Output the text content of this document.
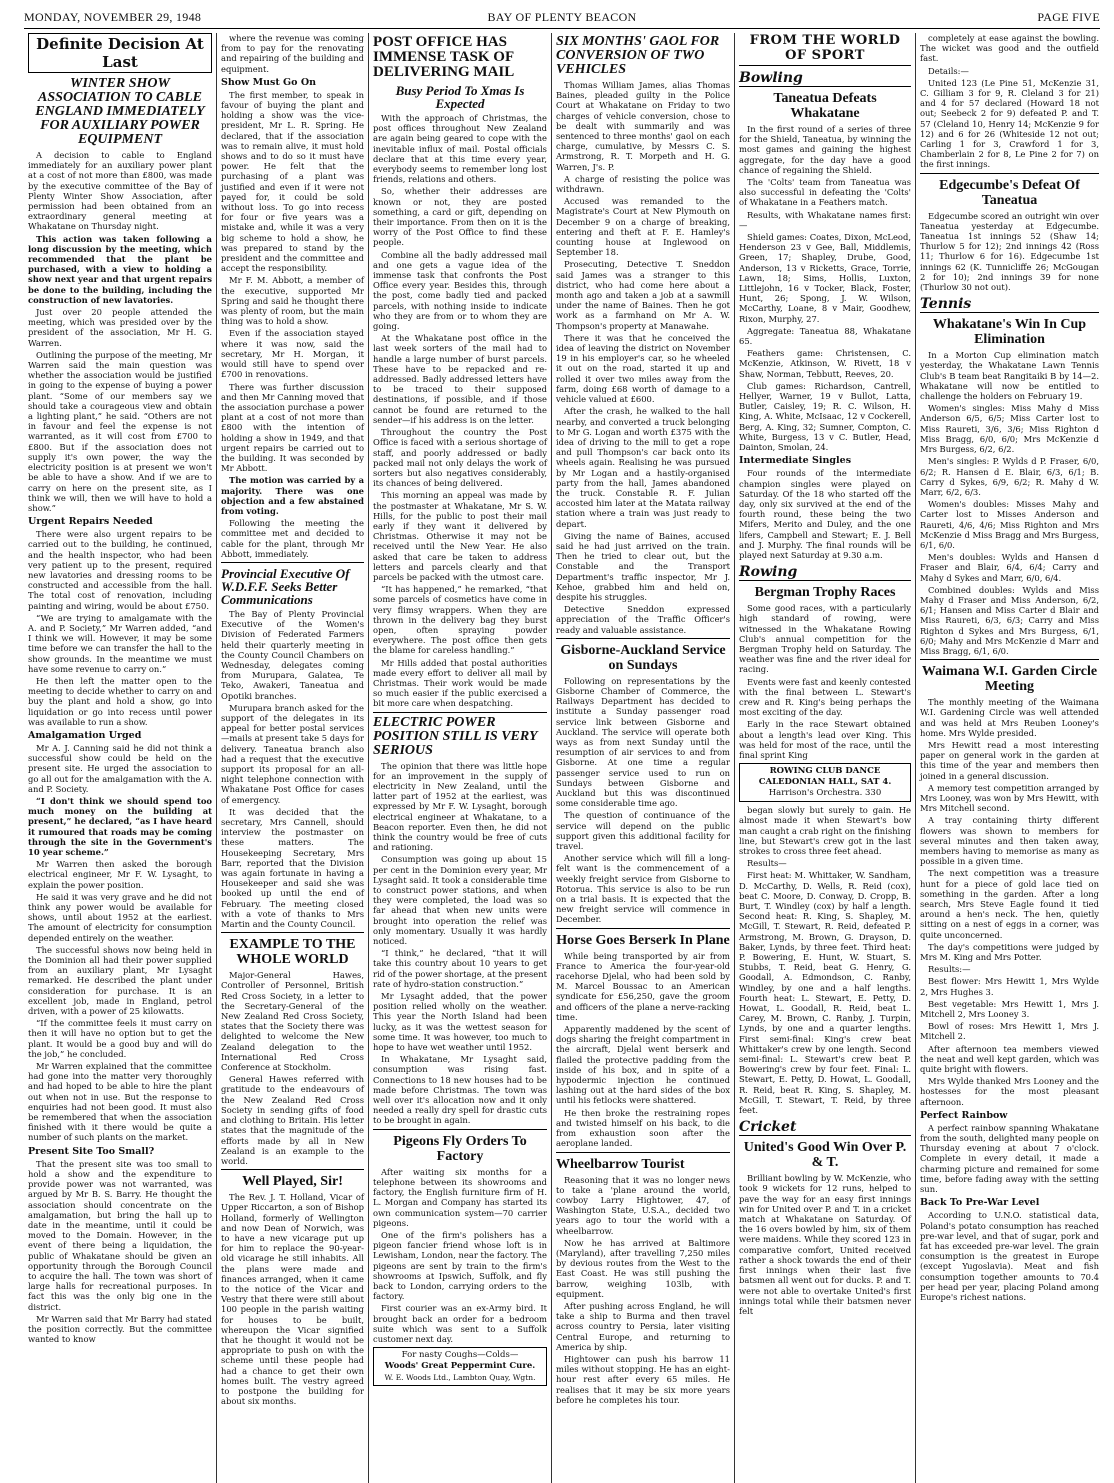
MONDAY, NOVEMBER 29, 1948	BAY OF PLENTY BEACON	PAGE FIVE
Definite Decision At Last
WINTER SHOW ASSOCIATION TO CABLE ENGLAND IMMEDIATELY FOR AUXILIARY POWER EQUIPMENT

A decision to cable to England immediately for an auxiliary power plant at a cost of not more than £800, was made by the executive committee of the Bay of Plenty Winter Show Association, after permission had been obtained from an extraordinary general meeting at Whakatane on Thursday night.

This action was taken following a long discussion by the meeting, which recommended that the plant be purchased, with a view to holding a show next year and that urgent repairs be done to the building, including the construction of new lavatories.

Just over 20 people attended the meeting, which was presided over by the president of the association, Mr H. G. Warren.

Outlining the purpose of the meeting, Mr Warren said the main question was whether the association would be justified in going to the expense of buying a power plant. “Some of our members say we should take a courageous view and obtain a lighting plant,” he said. “Others are not in favour and feel the expense is not warranted, as it will cost from £700 to £800. But if the association does not supply it's own power, the way the electricity position is at present we won't be able to have a show. And if we are to carry on here on the present site, as I think we will, then we will have to hold a show.”

Urgent Repairs Needed

There were also urgent repairs to be carried out to the building, he continued, and the health inspector, who had been very patient up to the present, required new lavatories and dressing rooms to be constructed and accessible from the hall. The total cost of renovation, including painting and wiring, would be about £750.

“We are trying to amalgamate with the A. and P. Society,” Mr Warren added, “and I think we will. However, it may be some time before we can transfer the hall to the show grounds. In the meantime we must have some revenue to carry on.”

He then left the matter open to the meeting to decide whether to carry on and buy the plant and hold a show, go into liquidation or go into recess until power was available to run a show.

Amalgamation Urged

Mr A. J. Canning said he did not think a successful show could be held on the present site. He urged the association to go all out for the amalgamation with the A. and P. Society.

“I don't think we should spend too much money on the building at present,” he declared, “as I have heard it rumoured that roads may be coming through the site in the Government's 10 year scheme.”

Mr Warren then asked the borough electrical engineer, Mr F. W. Lysaght, to explain the power position.

He said it was very grave and he did not think any power would be available for shows, until about 1952 at the earliest. The amount of electricity for consumption depended entirely on the weather.

The successful shows now being held in the Dominion all had their power supplied from an auxiliary plant, Mr Lysaght remarked. He described the plant under consideration for purchase. It is an excellent job, made in England, petrol driven, with a power of 25 kilowatts.

“If the committee feels it must carry on then it will have no option but to get the plant. It would be a good buy and will do the job,” he concluded.

Mr Warren explained that the committee had gone into the matter very thoroughly and had hoped to be able to hire the plant out when not in use. But the response to enquiries had not been good. It must also be remembered that when the association finished with it there would be quite a number of such plants on the market.

Present Site Too Small?

That the present site was too small to hold a show and the expenditure to provide power was not warranted, was argued by Mr B. S. Barry. He thought the association should concentrate on the amalgamation, but bring the hall up to date in the meantime, until it could be moved to the Domain. However, in the event of there being a liquidation, the public of Whakatane should be given an opportunity through the Borough Council to acquire the hall. The town was short of large halls for recreational purposes. In fact this was the only big one in the district.

Mr Warren said that Mr Barry had stated the position correctly. But the committee wanted to know

where the revenue was coming from to pay for the renovating and repairing of the building and equipment.

Show Must Go On

The first member, to speak in favour of buying the plant and holding a show was the vice-president, Mr L. R. Spring. He declared, that if the association was to remain alive, it must hold shows and to do so it must have power. He felt that the purchasing of a plant was justified and even if it were not payed for, it could be sold without loss. To go into recess for four or five years was a mistake and, while it was a very big scheme to hold a show, he was prepared to stand by the president and the committee and accept the responsibility.

Mr F. M. Abbott, a member of the executive, supported Mr Spring and said he thought there was plenty of room, but the main thing was to hold a show.

Even if the association stayed where it was now, said the secretary, Mr H. Morgan, it would still have to spend over £700 in renovations.

There was further discussion and then Mr Canning moved that the association purchase a power plant at a cost of not more than £800 with the intention of holding a show in 1949, and that urgent repairs be carried out to the building. It was seconded by Mr Abbott.

The motion was carried by a majority. There was one objection and a few abstained from voting.

Following the meeting the committee met and decided to cable for the plant, through Mr Abbott, immediately.

Provincial Executive Of W.D.F.F. Seeks Better Communications

The Bay of Plenty Provincial Executive of the Women's Division of Federated Farmers held their quarterly meeting in the County Council Chambers on Wednesday, delegates coming from Murupara, Galatea, Te Teko, Awakeri, Taneatua and Opotiki branches.

Murupara branch asked for the support of the delegates in its appeal for better postal services—mails at present take 5 days for delivery. Taneatua branch also had a request that the executive support its proposal for an all-night telephone connection with Whakatane Post Office for cases of emergency.

It was decided that the secretary, Mrs Cannell, should interview the postmaster on these matters. The Housekeeping Secretary, Mrs Barr, reported that the Division was again fortunate in having a Housekeeper and said she was booked up until the end of February. The meeting closed with a vote of thanks to Mrs Martin and the County Council.

EXAMPLE TO THE WHOLE WORLD

Major-General Hawes, Controller of Personnel, British Red Cross Society, in a letter to the Secretary-General of the New Zealand Red Cross Society, states that the Society there was delighted to welcome the New Zealand delegation to the International Red Cross Conference at Stockholm.

General Hawes referred with gratitude to the endeavours of the New Zealand Red Cross Society in sending gifts of food and clothing to Britain. His letter states that the magnitude of the efforts made by all in New Zealand is an example to the world.

Well Played, Sir!

The Rev. J. T. Holland, Vicar of Upper Riccarton, a son of Bishop Holland, formerly of Wellington and now Dean of Norwich, was to have a new vicarage put up for him to replace the 90-year-old vicarage he still inhabits. All the plans were made and finances arranged, when it came to the notice of the Vicar and Vestry that there were still about 100 people in the parish waiting for houses to be built, whereupon the Vicar signified that he thought it would not be appropriate to push on with the scheme until these people had had a chance to get their own homes built. The vestry agreed to postpone the building for about six months.

POST OFFICE HAS IMMENSE TASK OF DELIVERING MAIL
Busy Period To Xmas Is Expected

With the approach of Christmas, the post offices throughout New Zealand are again being geared to cope with the inevitable influx of mail. Postal officials declare that at this time every year, everybody seems to remember long lost friends, relations and others.

So, whether their addresses are known or not, they are posted something, a card or gift, depending on their importance. From then on it is the worry of the Post Office to find these people.

Combine all the badly addressed mail and one gets a vague idea of the immense task that confronts the Post Office every year. Besides this, through the post, come badly tied and packed parcels, with nothing inside to indicate who they are from or to whom they are going.

At the Whakatane post office in the last week sorters of the mail had to handle a large number of burst parcels. These have to be repacked and re-addressed. Badly addressed letters have to be traced to their supposed destinations, if possible, and if those cannot be found are returned to the sender—if his address is on the letter.

Throughout the country the Post Office is faced with a serious shortage of staff, and poorly addressed or badly packed mail not only delays the work of sorters but also negatives considerably, its chances of being delivered.

This morning an appeal was made by the postmaster at Whakatane, Mr S. W. Hills, for the public to post their mail early if they want it delivered by Christmas. Otherwise it may not be received until the New Year. He also asked that care be taken to address letters and parcels clearly and that parcels be packed with the utmost care.

“It has happened,” he remarked, “that some parcels of cosmetics have come in very flimsy wrappers. When they are thrown in the delivery bag they burst open, often spraying powder everywhere. The post office then gets the blame for careless handling.”

Mr Hills added that postal authorities made every effort to deliver all mail by Christmas. Their work would be made so much easier if the public exercised a bit more care when despatching.

ELECTRIC POWER POSITION STILL IS VERY SERIOUS

The opinion that there was little hope for an improvement in the supply of electricity in New Zealand, until the latter part of 1952 at the earliest, was expressed by Mr F. W. Lysaght, borough electrical engineer at Whakatane, to a Beacon reporter. Even then, he did not think the country would be free of cuts and rationing.

Consumption was going up about 15 per cent in the Dominion every year, Mr Lysaght said. It took a considerable time to construct power stations, and when they were completed, the load was so far ahead that when new units were brought into operation the relief was only momentary. Usually it was hardly noticed.

“I think,” he declared, “that it will take this country about 10 years to get rid of the power shortage, at the present rate of hydro-station construction.”

Mr Lysaght added, that the power position relied wholly on the weather. This year the North Island had been lucky, as it was the wettest season for some time. It was however, too much to hope to have wet weather until 1952.

In Whakatane, Mr Lysaght said, consumption was rising fast. Connections to 18 new houses had to be made before Christmas. The town was well over it's allocation now and it only needed a really dry spell for drastic cuts to be brought in again.

Pigeons Fly Orders To Factory

After waiting six months for a telephone between its showrooms and factory, the English furniture firm of H. L. Morgan and Company has started its own communication system—70 carrier pigeons.

One of the firm's polishers has a pigeon fancier friend whose loft is in Lewisham, London, near the factory. The pigeons are sent by train to the firm's showrooms at Ipswich, Suffolk, and fly back to London, carrying orders to the factory.

First courier was an ex-Army bird. It brought back an order for a bedroom suite which was sent to a Suffolk customer next day.

For nasty Coughs—Colds—
Woods' Great Peppermint Cure.
W. E. Woods Ltd., Lambton Quay, Wgtn.
SIX MONTHS' GAOL FOR CONVERSION OF TWO VEHICLES

Thomas William James, alias Thomas Baines, pleaded guilty in the Police Court at Whakatane on Friday to two charges of vehicle conversion, chose to be dealt with summarily and was sentenced to three months' gaol on each charge, cumulative, by Messrs C. S. Armstrong, R. T. Morpeth and H. G. Warren, J's. P.

A charge of resisting the police was withdrawn.

Accused was remanded to the Magistrate's Court at New Plymouth on December 9 on a charge of breaking, entering and theft at F. E. Hamley's counting house at Inglewood on September 18.

Prosecuting, Detective T. Sneddon said James was a stranger to this district, who had come here about a month ago and taken a job at a sawmill under the name of Baines. Then he got work as a farmhand on Mr A. W. Thompson's property at Manawahe.

There it was that he conceived the idea of leaving the district on November 19 in his employer's car, so he wheeled it out on the road, started it up and rolled it over two miles away from the farm, doing £68 worth of damage to a vehicle valued at £600.

After the crash, he walked to the hall nearby, and converted a truck belonging to Mr G. Logan and worth £375 with the idea of driving to the mill to get a rope and pull Thompson's car back onto its wheels again. Realising he was pursued by Mr Logan and a hastily-organised party from the hall, James abandoned the truck. Constable R. F. Julian accosted him later at the Matata railway station where a train was just ready to depart.

Giving the name of Baines, accused said he had just arrived on the train. Then he tried to clear out, but the Constable and the Transport Department's traffic inspector, Mr J. Kehoe, grabbed him and held on, despite his struggles.

Detective Sneddon expressed appreciation of the Traffic Officer's ready and valuable assistance.

Gisborne-Auckland Service on Sundays

Following on representations by the Gisborne Chamber of Commerce, the Railways Department has decided to institute a Sunday passenger road service link between Gisborne and Auckland. The service will operate both ways as from next Sunday until the resumption of air services to and from Gisborne. At one time a regular passenger service used to run on Sundays between Gisborne and Auckland but this was discontinued some considerable time ago.

The question of continuance of the service will depend on the public support given this additional facility for travel.

Another service which will fill a long-felt want is the commencement of a weekly freight service from Gisborne to Rotorua. This service is also to be run on a trial basis. It is expected that the new freight service will commence in December.

Horse Goes Berserk In Plane

While being transported by air from France to America the four-year-old racehorse Djelal, who had been sold by M. Marcel Boussac to an American syndicate for £56,250, gave the groom and officers of the plane a nerve-racking time.

Apparently maddened by the scent of dogs sharing the freight compartment in the aircraft, Djelal went berserk and flailed the protective padding from the inside of his box, and in spite of a hypodermic injection he continued lashing out at the hard sides of the box until his fetlocks were shattered.

He then broke the restraining ropes and twisted himself on his back, to die from exhaustion soon after the aeroplane landed.

Wheelbarrow Tourist

Reasoning that it was no longer news to take a 'plane around the world, cowboy Larry Hightower, 47, of Washington State, U.S.A., decided two years ago to tour the world with a wheelbarrow.

Now he has arrived at Baltimore (Maryland), after travelling 7,250 miles by devious routes from the West to the East Coast. He was still pushing the barrow, weighing 103lb, with equipment.

After pushing across England, he will take a ship to Burma and then travel across country to Persia, later visiting Central Europe, and returning to America by ship.

Hightower can push his barrow 11 miles without stopping. He has an eight-hour rest after every 65 miles. He realises that it may be six more years before he completes his tour.

FROM THE WORLD OF SPORT
Bowling
Taneatua Defeats Whakatane

In the first round of a series of three for the Shield, Taneatua, by winning the most games and gaining the highest aggregate, for the day have a good chance of regaining the Shield.

The 'Colts' team from Taneatua was also successful in defeating the 'Colts' of Whakatane in a Feathers match.

Results, with Whakatane names first:—

Shield games: Coates, Dixon, McLeod, Henderson 23 v Gee, Ball, Middlemis, Green, 17; Shapley, Drube, Good, Anderson, 13 v Ricketts, Grace, Torrie, Lawn, 18; Sims, Hollis, Luxton, Littlejohn, 16 v Tocker, Black, Foster, Hunt, 26; Spong, J. W. Wilson, McCarthy, Loane, 8 v Mair, Goodhew, Rixon, Murphy, 27.

Aggregate: Taneatua 88, Whakatane 65.

Feathers game: Christensen, C. McKenzie, Atkinson, W. Rivett, 18 v Shaw, Norman, Tebbutt, Reeves, 20.

Club games: Richardson, Cantrell, Hellyer, Warner, 19 v Bullot, Latta, Butler, Caisley, 19; R. C. Wilson, H. King, A. White, McIsaac, 12 v Cockerell, Berg, A. King, 32; Sumner, Compton, C. White, Burgess, 13 v C. Butler, Head, Dainton, Smolan, 24.

Intermediate Singles

Four rounds of the intermediate champion singles were played on Saturday. Of the 18 who started off the day, only six survived at the end of the fourth round, these being the two Mifers, Merito and Duley, and the one lifers, Campbell and Stewart; E. J. Bell and J. Murphy. The final rounds will be played next Saturday at 9.30 a.m.

Rowing
Bergman Trophy Races

Some good races, with a particularly high standard of rowing, were witnessed in the Whakatane Rowing Club's annual competition for the Bergman Trophy held on Saturday. The weather was fine and the river ideal for racing.

Events were fast and keenly contested with the final between L. Stewart's crew and R. King's being perhaps the most exciting of the day.

Early in the race Stewart obtained about a length's lead over King. This was held for most of the race, until the final sprint King

ROWING CLUB DANCE
CALEDONIAN HALL, SAT 4.
Harrison's Orchestra. 330

began slowly but surely to gain. He almost made it when Stewart's bow man caught a crab right on the finishing line, but Stewart's crew got in the last strokes to cross three feet ahead.

Results—

First heat: M. Whittaker, W. Sandham, D. McCarthy, D. Wells, R. Reid (cox), beat C. Moore, D. Conway, D. Cropp, B. Burt, T. Windley (cox) by half a length. Second heat: R. King, S. Shapley, M. McGill, T. Stewart, R. Reid, defeated P. Armstrong, M. Brown, G. Drayson, D. Baker, Lynds, by three feet. Third heat: P. Bowering, E. Hunt, W. Stuart, S. Stubbs, T. Reid, beat G. Henry, G. Goodall, A. Edmondson, C. Ranby, Windley, by one and a half lengths. Fourth heat: L. Stewart, E. Petty, D. Howat, L. Goodall, R. Reid, beat L. Carey, M. Brown, C. Ranby, J. Turpin, Lynds, by one and a quarter lengths. First semi-final: King's crew beat Whittaker's crew by one length. Second semi-final: L. Stewart's crew beat P. Bowering's crew by four feet. Final: L. Stewart, E. Petty, D. Howat, L. Goodall, R. Reid, beat R. King, S. Shapley, M. McGill, T. Stewart, T. Reid, by three feet.

Cricket
United's Good Win Over P. & T.

Brilliant bowling by W. McKenzie, who took 9 wickets for 12 runs, helped to pave the way for an easy first innings win for United over P. and T. in a cricket match at Whakatane on Saturday. Of the 16 overs bowled by him, six of them were maidens. While they scored 123 in comparative comfort, United received rather a shock towards the end of their first innings when their last five batsmen all went out for ducks. P. and T. were not able to overtake United's first innings total while their batsmen never felt

completely at ease against the bowling. The wicket was good and the outfield fast.

Details:—

United 123 (Le Pine 51, McKenzie 31, C. Gilliam 3 for 9, R. Cleland 3 for 21) and 4 for 57 declared (Howard 18 not out; Seebeck 2 for 9) defeated P. and T. 57 (Cleland 10, Henry 14; McKenzie 9 for 12) and 6 for 26 (Whiteside 12 not out; Carling 1 for 3, Crawford 1 for 3, Chamberlain 2 for 8, Le Pine 2 for 7) on the first innings.

Edgecumbe's Defeat Of Taneatua

Edgecumbe scored an outright win over Taneatua yesterday at Edgecumbe. Taneatua 1st innings 52 (Shaw 14; Thurlow 5 for 12); 2nd innings 42 (Ross 11; Thurlow 6 for 16). Edgecumbe 1st innings 62 (K. Tunnicliffe 26; McGougan 2 for 10); 2nd innings 39 for none (Thurlow 30 not out).

Tennis
Whakatane's Win In Cup Elimination

In a Morton Cup elimination match yesterday, the Whakatane Lawn Tennis Club's B team beat Rangitaiki B by 14—2. Whakatane will now be entitled to challenge the holders on February 19.

Women's singles: Miss Mahy d Miss Anderson 6/5, 6/5; Miss Carter lost to Miss Raureti, 3/6, 3/6; Miss Righton d Miss Bragg, 6/0, 6/0; Mrs McKenzie d Mrs Burgess, 6/2, 6/2.

Men's singles: P. Wylds d P. Fraser, 6/0, 6/2; R. Hansen d E. Blair, 6/3, 6/1; B. Carry d Sykes, 6/9, 6/2; R. Mahy d W. Marr, 6/2, 6/3.

Women's doubles: Misses Mahy and Carter lost to Misses Anderson and Raureti, 4/6, 4/6; Miss Righton and Mrs McKenzie d Miss Bragg and Mrs Burgess, 6/1, 6/0.

Men's doubles: Wylds and Hansen d Fraser and Blair, 6/4, 6/4; Carry and Mahy d Sykes and Marr, 6/0, 6/4.

Combined doubles: Wylds and Miss Mahy d Fraser and Miss Anderson, 6/2, 6/1; Hansen and Miss Carter d Blair and Miss Raureti, 6/3, 6/3; Carry and Miss Righton d Sykes and Mrs Burgess, 6/1, 6/0; Mahy and Mrs McKenzie d Marr and Miss Bragg, 6/1, 6/0.

Waimana W.I. Garden Circle Meeting

The monthly meeting of the Waimana W.I. Gardening Circle was well attended and was held at Mrs Reuben Looney's home. Mrs Wylde presided.

Mrs Hewitt read a most interesting paper on general work in the garden at this time of the year and members then joined in a general discussion.

A memory test competition arranged by Mrs Looney, was won by Mrs Hewitt, with Mrs Mitchell second.

A tray containing thirty different flowers was shown to members for several minutes and then taken away, members having to memorise as many as possible in a given time.

The next competition was a treasure hunt for a piece of gold lace tied on something in the garden. After a long search, Mrs Steve Eagle found it tied around a hen's neck. The hen, quietly sitting on a nest of eggs in a corner, was quite unconcerned.

The day's competitions were judged by Mrs M. King and Mrs Potter.

Results:—

Best flower: Mrs Hewitt 1, Mrs Wylde 2, Mrs Hughes 3.

Best vegetable: Mrs Hewitt 1, Mrs J. Mitchell 2, Mrs Looney 3.

Bowl of roses: Mrs Hewitt 1, Mrs J. Mitchell 2.

After afternoon tea members viewed the neat and well kept garden, which was quite bright with flowers.

Mrs Wylde thanked Mrs Looney and the hostesses for the most pleasant afternoon.

Perfect Rainbow

A perfect rainbow spanning Whakatane from the south, delighted many people on Thursday evening at about 7 o'clock. Complete in every detail, it made a charming picture and remained for some time, before fading away with the setting sun.

Back To Pre-War Level

According to U.N.O. statistical data, Poland's potato consumption has reached pre-war level, and that of sugar, pork and fat has exceeded pre-war level. The grain consumption is the greatest in Europe (except Yugoslavia). Meat and fish consumption together amounts to 70.4 per head per year, placing Poland among Europe's richest nations.
